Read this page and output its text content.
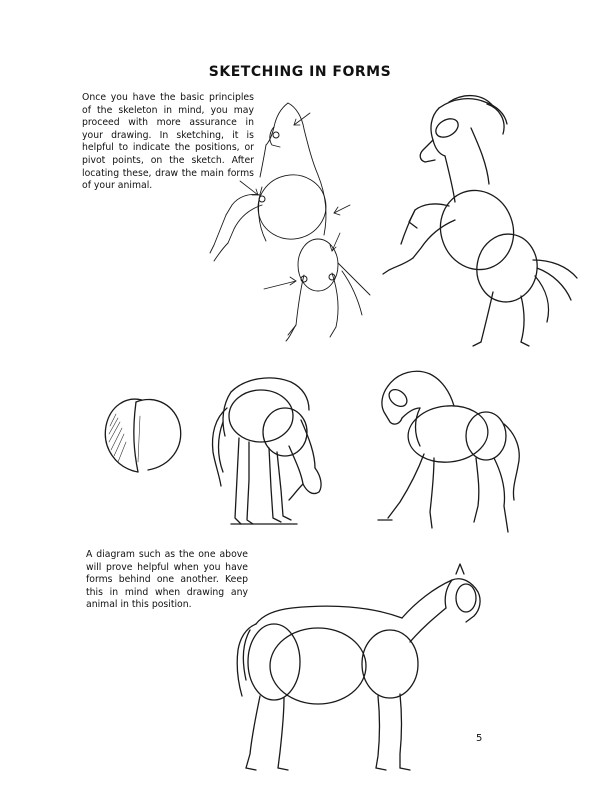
SKETCHING IN FORMS

Once you have the basic principles of the skeleton in mind, you may proceed with more assurance in your drawing. In sketching, it is helpful to indicate the positions, or pivot points, on the sketch. After locating these, draw the main forms of your animal.

A diagram such as the one above will prove helpful when you have forms behind one another. Keep this in mind when drawing any animal in this position.

5
